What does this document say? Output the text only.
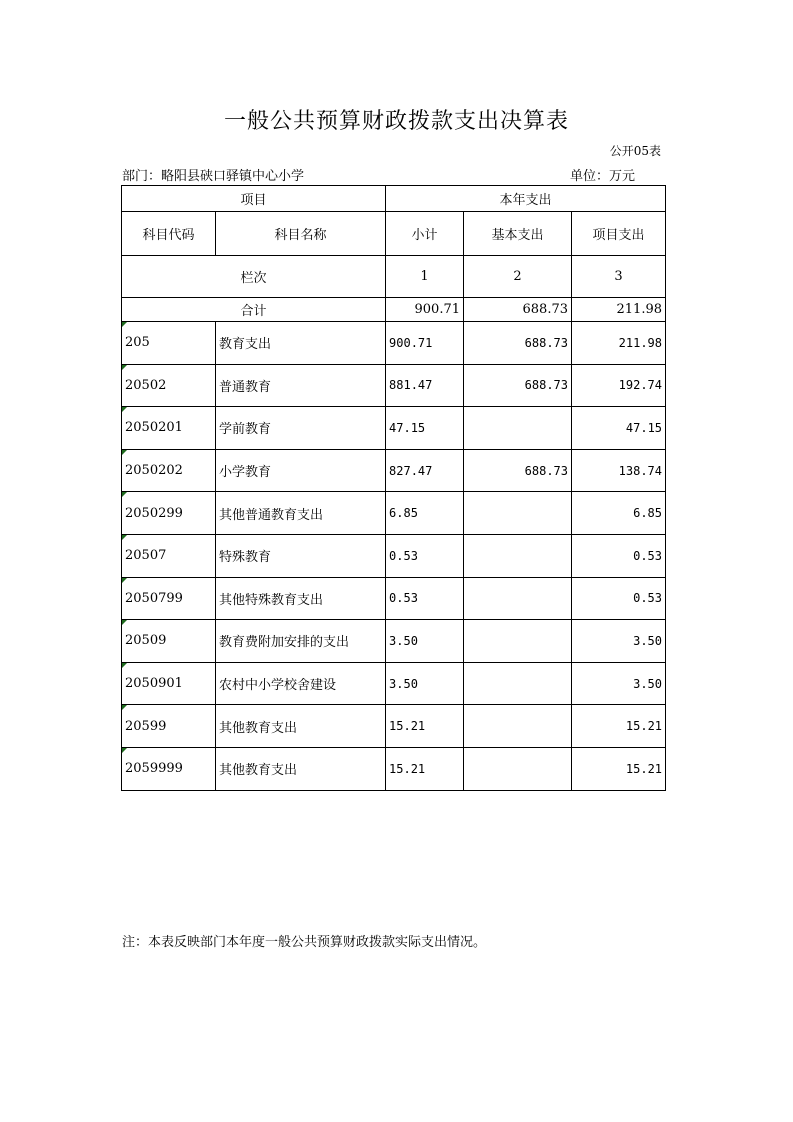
一般公共预算财政拨款支出决算表
公开05表
部门：略阳县硖口驿镇中心小学	单位：万元
项目		本年支出		
科目代码	科目名称	小计	基本支出	项目支出
栏次		1	2	3
合计		900.71	688.73	211.98

205	教育支出	900.71	688.73	211.98

20502	普通教育	881.47	688.73	192.74

2050201	学前教育	47.15		47.15

2050202	小学教育	827.47	688.73	138.74

2050299	其他普通教育支出	6.85		6.85

20507	特殊教育	0.53		0.53

2050799	其他特殊教育支出	0.53		0.53

20509	教育费附加安排的支出	3.50		3.50

2050901	农村中小学校舍建设	3.50		3.50

20599	其他教育支出	15.21		15.21

2059999	其他教育支出	15.21		15.21
注：本表反映部门本年度一般公共预算财政拨款实际支出情况。
